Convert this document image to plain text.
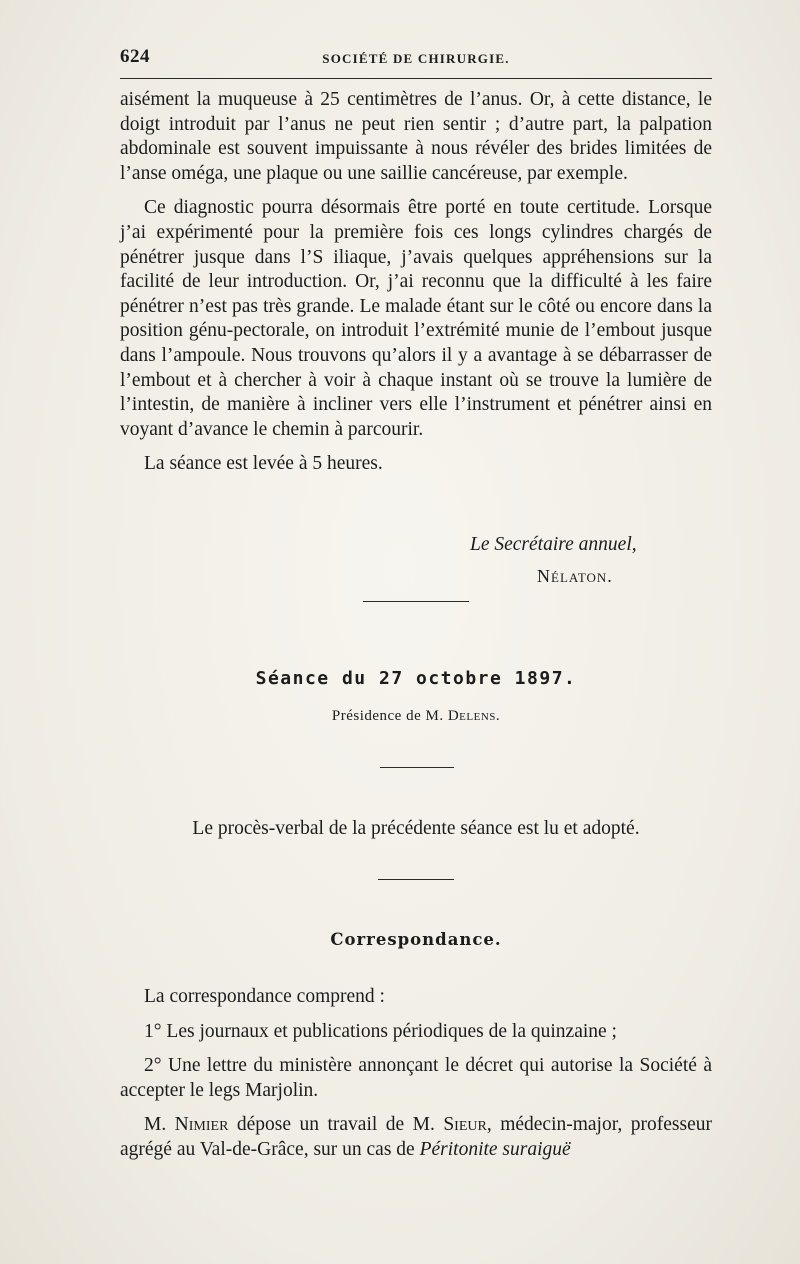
624	SOCIÉTÉ DE CHIRURGIE.

aisément la muqueuse à 25 centimètres de l’anus. Or, à cette distance, le doigt introduit par l’anus ne peut rien sentir ; d’autre part, la palpation abdominale est souvent impuissante à nous révéler des brides limitées de l’anse oméga, une plaque ou une saillie cancéreuse, par exemple.

Ce diagnostic pourra désormais être porté en toute certitude. Lorsque j’ai expérimenté pour la première fois ces longs cylindres chargés de pénétrer jusque dans l’S iliaque, j’avais quelques appréhensions sur la facilité de leur introduction. Or, j’ai reconnu que la difficulté à les faire pénétrer n’est pas très grande. Le malade étant sur le côté ou encore dans la position génu-pectorale, on introduit l’extrémité munie de l’embout jusque dans l’ampoule. Nous trouvons qu’alors il y a avantage à se débarrasser de l’embout et à chercher à voir à chaque instant où se trouve la lumière de l’intestin, de manière à incliner vers elle l’instrument et pénétrer ainsi en voyant d’avance le chemin à parcourir.

La séance est levée à 5 heures.

Le Secrétaire annuel,
Nélaton.
Séance du 27 octobre 1897.
Présidence de M. Delens.
Le procès-verbal de la précédente séance est lu et adopté.
Correspondance.

La correspondance comprend :

1° Les journaux et publications périodiques de la quinzaine ;

2° Une lettre du ministère annonçant le décret qui autorise la Société à accepter le legs Marjolin.

M. Nimier dépose un travail de M. Sieur, médecin-major, professeur agrégé au Val-de-Grâce, sur un cas de Péritonite suraiguë
